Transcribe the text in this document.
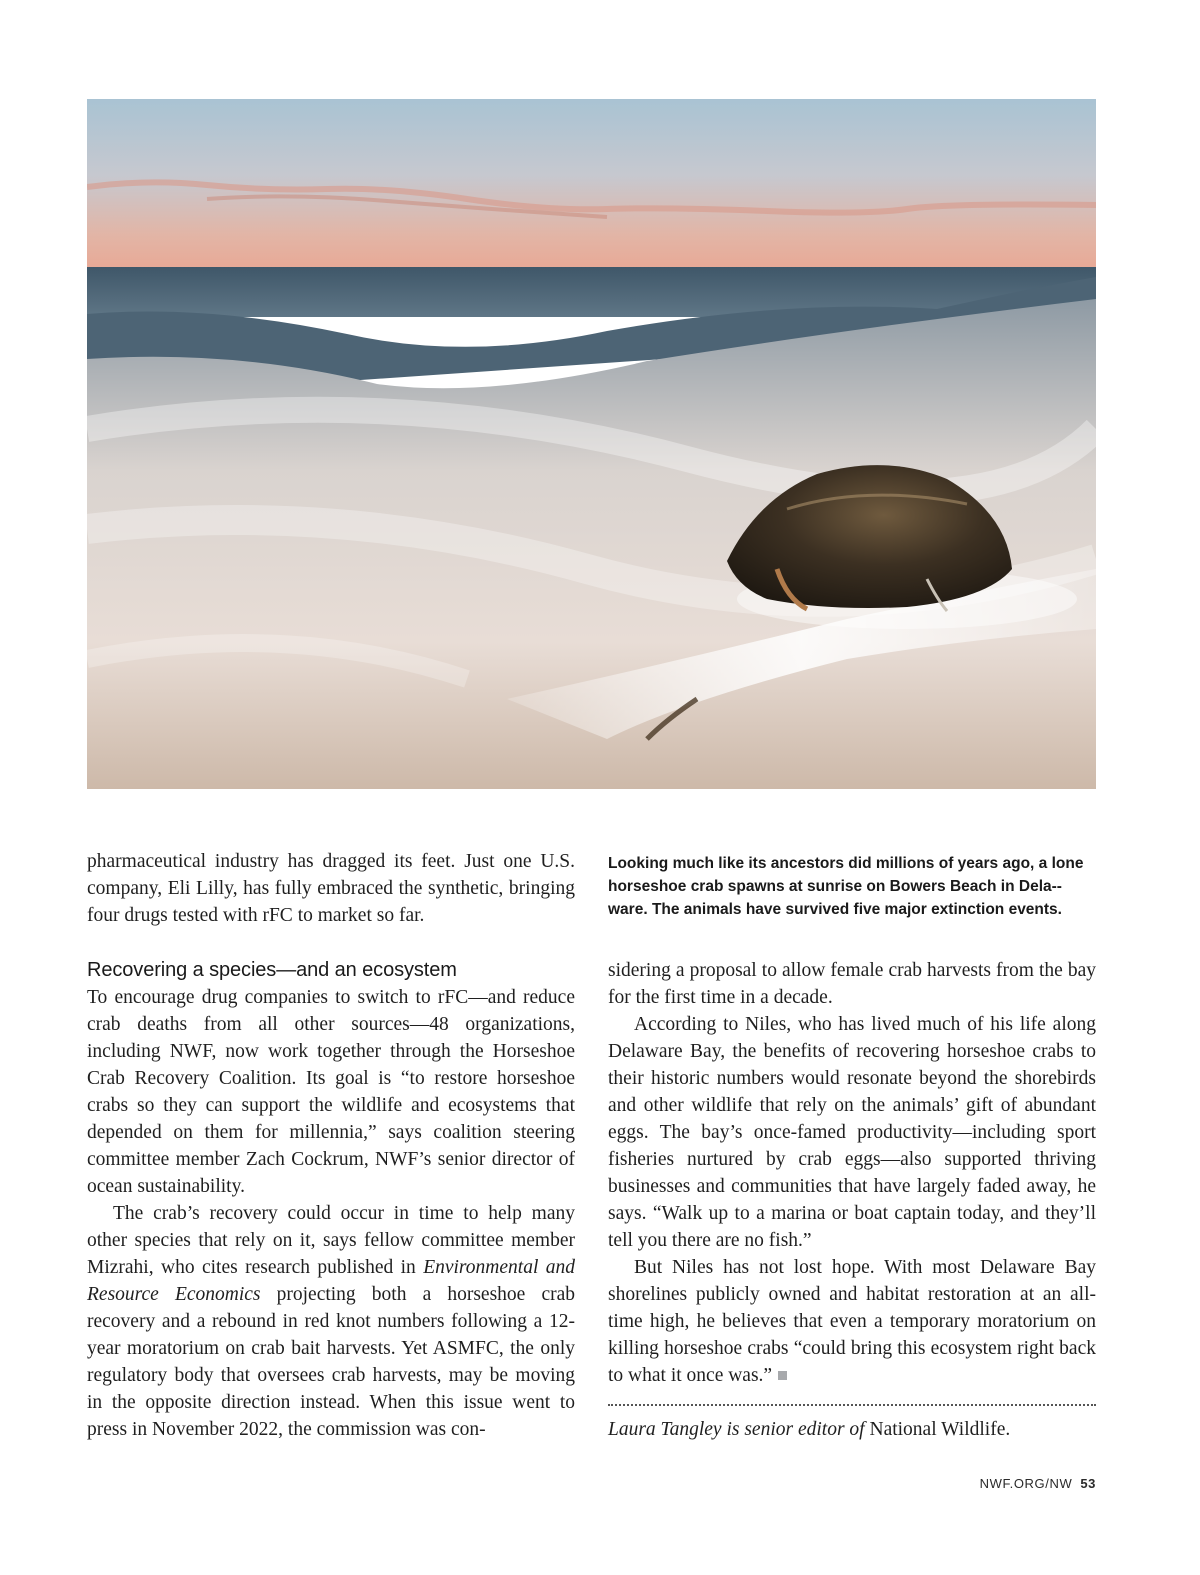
pharmaceutical industry has dragged its feet. Just one U.S. company, Eli Lilly, has fully embraced the synthetic, bringing four drugs tested with rFC to market so far.

Recovering a species—and an ecosystem

To encourage drug companies to switch to rFC—and reduce crab deaths from all other sources—48 organizations, including NWF, now work together through the Horseshoe Crab Recovery Coalition. Its goal is “to restore horseshoe crabs so they can support the wildlife and ecosystems that depended on them for millennia,” says coalition steering committee member Zach Cockrum, NWF’s senior director of ocean sustainability.

The crab’s recovery could occur in time to help many other species that rely on it, says fellow committee member Mizrahi, who cites research published in Environmental and Resource Economics projecting both a horseshoe crab recovery and a rebound in red knot numbers following a 12-year moratorium on crab bait harvests. Yet ASMFC, the only regulatory body that oversees crab harvests, may be moving in the opposite direction instead. When this issue went to press in November 2022, the commission was con-

Looking much like its ancestors did millions of years ago, a lone horseshoe crab spawns at sunrise on Bowers Beach in Dela-ware. The animals have survived five major extinction events.

sidering a proposal to allow female crab harvests from the bay for the first time in a decade.

According to Niles, who has lived much of his life along Delaware Bay, the benefits of recovering horseshoe crabs to their historic numbers would resonate beyond the shorebirds and other wildlife that rely on the animals’ gift of abundant eggs. The bay’s once-famed productivity—including sport fisheries nurtured by crab eggs—also supported thriving businesses and communities that have largely faded away, he says. “Walk up to a marina or boat captain today, and they’ll tell you there are no fish.”

But Niles has not lost hope. With most Delaware Bay shorelines publicly owned and habitat restoration at an all-time high, he believes that even a temporary moratorium on killing horseshoe crabs “could bring this ecosystem right back to what it once was.”

Laura Tangley is senior editor of National Wildlife.

NWF.ORG/NW 53
